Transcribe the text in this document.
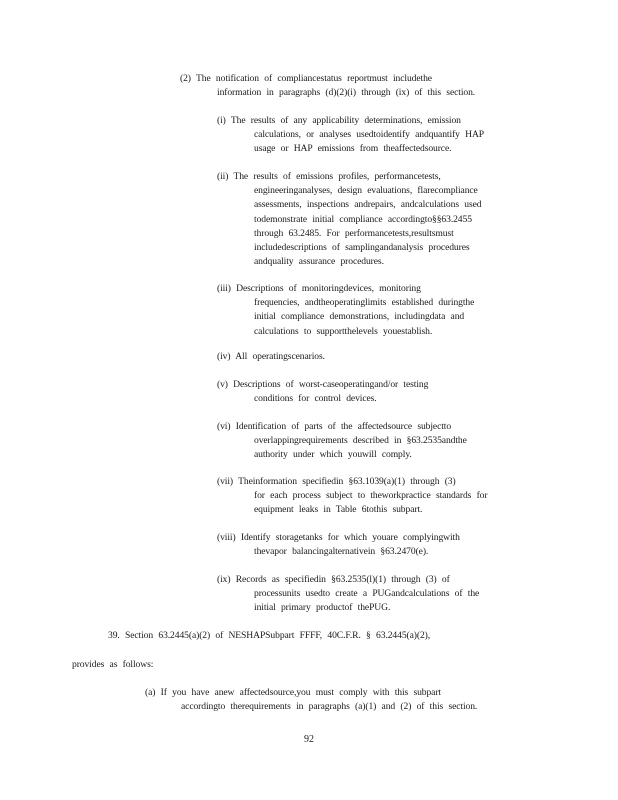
(2) The notification of compliancestatus reportmust includethe
information in paragraphs (d)(2)(i) through (ix) of this section.
(i) The results of any applicability determinations, emission
calculations, or analyses usedtoidentify andquantify HAP
usage or HAP emissions from theaffectedsource.
(ii) The results of emissions profiles, performancetests,
engineeringanalyses, design evaluations, flarecompliance
assessments, inspections andrepairs, andcalculations used
todemonstrate initial compliance accordingto§§63.2455
through 63.2485. For performancetests,resultsmust
includedescriptions of samplingandanalysis procedures
andquality assurance procedures.
(iii) Descriptions of monitoringdevices, monitoring
frequencies, andtheoperatinglimits established duringthe
initial compliance demonstrations, includingdata and
calculations to supportthelevels youestablish.
(iv) All operatingscenarios.
(v) Descriptions of worst-caseoperatingand/or testing
conditions for control devices.
(vi) Identification of parts of the affectedsource subjectto
overlappingrequirements described in §63.2535andthe
authority under which youwill comply.
(vii) Theinformation specifiedin §63.1039(a)(1) through (3)
for each process subject to theworkpractice standards for
equipment leaks in Table 6tothis subpart.
(viii) Identify storagetanks for which youare complyingwith
thevapor balancingalternativein §63.2470(e).
(ix) Records as specifiedin §63.2535(l)(1) through (3) of
processunits usedto create a PUGandcalculations of the
initial primary productof thePUG.
39. Section 63.2445(a)(2) of NESHAPSubpart FFFF, 40C.F.R. § 63.2445(a)(2),
provides as follows:
(a) If you have anew affectedsource,you must comply with this subpart
accordingto therequirements in paragraphs (a)(1) and (2) of this section.
92
